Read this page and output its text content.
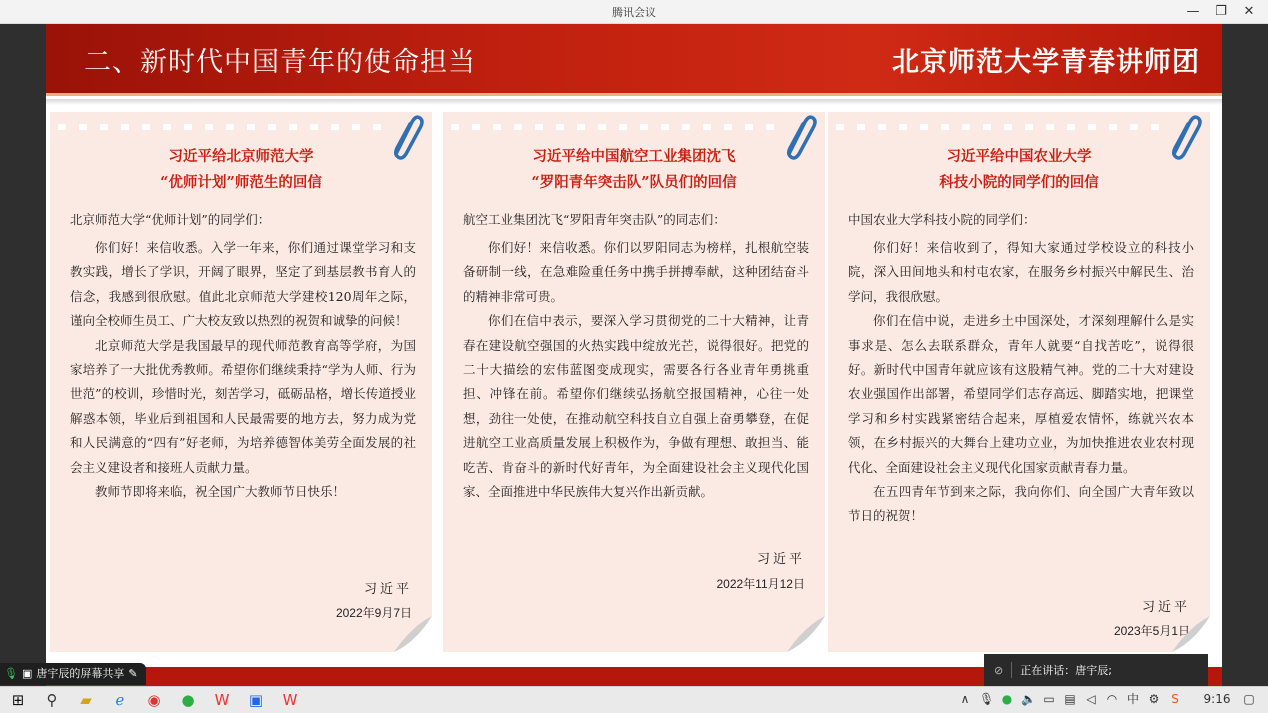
腾讯会议	—	❐	✕
二、新时代中国青年的使命担当	北京师范大学青春讲师团
习近平给北京师范大学
“优师计划”师范生的回信
北京师范大学“优师计划”的同学们：

你们好！来信收悉。入学一年来，你们通过课堂学习和支教实践，增长了学识，开阔了眼界，坚定了到基层教书育人的信念，我感到很欣慰。值此北京师范大学建校120周年之际，谨向全校师生员工、广大校友致以热烈的祝贺和诚挚的问候！

北京师范大学是我国最早的现代师范教育高等学府，为国家培养了一大批优秀教师。希望你们继续秉持“学为人师、行为世范”的校训，珍惜时光，刻苦学习，砥砺品格，增长传道授业解惑本领，毕业后到祖国和人民最需要的地方去，努力成为党和人民满意的“四有”好老师，为培养德智体美劳全面发展的社会主义建设者和接班人贡献力量。

教师节即将来临，祝全国广大教师节日快乐！

习近平
2022年9月7日
习近平给中国航空工业集团沈飞
“罗阳青年突击队”队员们的回信
航空工业集团沈飞“罗阳青年突击队”的同志们：

你们好！来信收悉。你们以罗阳同志为榜样，扎根航空装备研制一线，在急难险重任务中携手拼搏奉献，这种团结奋斗的精神非常可贵。

你们在信中表示，要深入学习贯彻党的二十大精神，让青春在建设航空强国的火热实践中绽放光芒，说得很好。把党的二十大描绘的宏伟蓝图变成现实，需要各行各业青年勇挑重担、冲锋在前。希望你们继续弘扬航空报国精神，心往一处想，劲往一处使，在推动航空科技自立自强上奋勇攀登，在促进航空工业高质量发展上积极作为，争做有理想、敢担当、能吃苦、肯奋斗的新时代好青年，为全面建设社会主义现代化国家、全面推进中华民族伟大复兴作出新贡献。

习近平
2022年11月12日
习近平给中国农业大学
科技小院的同学们的回信
中国农业大学科技小院的同学们：

你们好！来信收到了，得知大家通过学校设立的科技小院，深入田间地头和村屯农家，在服务乡村振兴中解民生、治学问，我很欣慰。

你们在信中说，走进乡土中国深处，才深刻理解什么是实事求是、怎么去联系群众，青年人就要“自找苦吃”，说得很好。新时代中国青年就应该有这股精气神。党的二十大对建设农业强国作出部署，希望同学们志存高远、脚踏实地，把课堂学习和乡村实践紧密结合起来，厚植爱农情怀，练就兴农本领，在乡村振兴的大舞台上建功立业，为加快推进农业农村现代化、全面建设社会主义现代化国家贡献青春力量。

在五四青年节到来之际，我向你们、向全国广大青年致以节日的祝贺！

习近平
2023年5月1日
🎙 ▣ 唐宇辰的屏幕共享 ✎	⊘ 正在讲话：唐宇辰;
⊞	⚲	▰	ℯ	◉ ● W ▣ W	∧ 🎙 ● 🔈 ▭ ▤ ◁ ◠ 中 ⚙ S	9:16	▢
